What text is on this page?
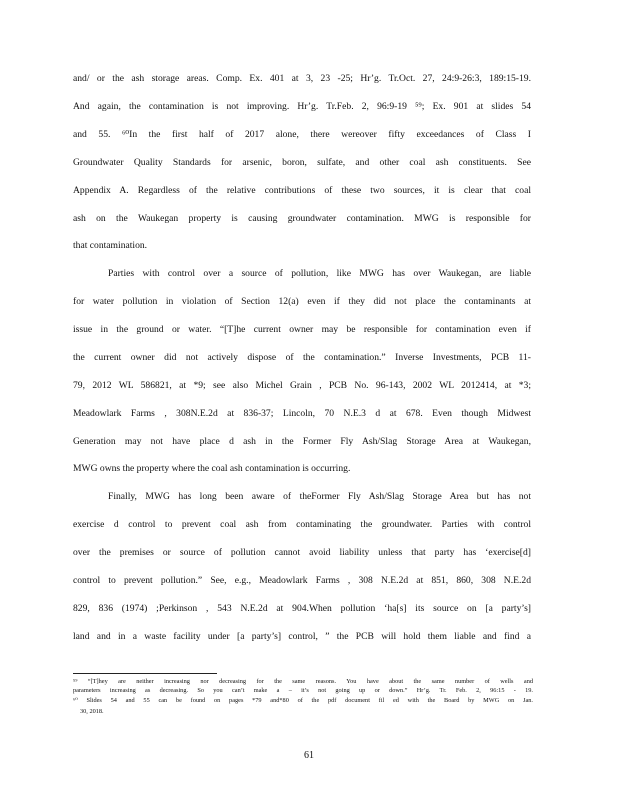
and/ or the ash storage areas. Comp. Ex. 401 at 3, 23 -25; Hr’g. Tr.Oct. 27, 24:9-26:3, 189:15-19.
And again, the contamination is not improving. Hr’g. Tr.Feb. 2, 96:9-19 ⁵⁹; Ex. 901 at slides 54
and 55. ⁶⁰In the first half of 2017 alone, there wereover fifty exceedances of Class I
Groundwater Quality Standards for arsenic, boron, sulfate, and other coal ash constituents. See
Appendix A. Regardless of the relative contributions of these two sources, it is clear that coal
ash on the Waukegan property is causing groundwater contamination. MWG is responsible for
that contamination.
Parties with control over a source of pollution, like MWG has over Waukegan, are liable
for water pollution in violation of Section 12(a) even if they did not place the contaminants at
issue in the ground or water. “[T]he current owner may be responsible for contamination even if
the current owner did not actively dispose of the contamination.” Inverse Investments, PCB 11-
79, 2012 WL 586821, at *9; see also Michel Grain , PCB No. 96-143, 2002 WL 2012414, at *3;
Meadowlark Farms , 308N.E.2d at 836-37; Lincoln, 70 N.E.3 d at 678. Even though Midwest
Generation may not have place d ash in the Former Fly Ash/Slag Storage Area at Waukegan,
MWG owns the property where the coal ash contamination is occurring.
Finally, MWG has long been aware of theFormer Fly Ash/Slag Storage Area but has not
exercise d control to prevent coal ash from contaminating the groundwater. Parties with control
over the premises or source of pollution cannot avoid liability unless that party has ‘exercise[d]
control to prevent pollution.” See, e.g., Meadowlark Farms , 308 N.E.2d at 851, 860, 308 N.E.2d
829, 836 (1974) ;Perkinson , 543 N.E.2d at 904.When pollution ‘ha[s] its source on [a party’s]
land and in a waste facility under [a party’s] control, ” the PCB will hold them liable and find a
⁵⁹ “[T]hey are neither increasing nor decreasing for the same reasons. You have about the same number of wells and
parameters increasing as decreasing. So you can’t make a – it’s not going up or down.” Hr’g. Tr. Feb. 2, 96:15 - 19.
⁶⁰ Slides 54 and 55 can be found on pages *79 and*80 of the pdf document fil ed with the Board by MWG on Jan.
30, 2018.
61
